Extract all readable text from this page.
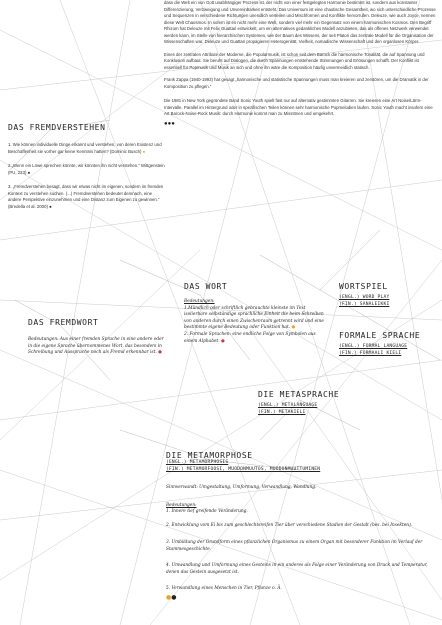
dass die Welt ein von Gott unabhängiger Prozess ist, der nicht von einer festgelegten Harmonie bestimmt ist, sondern aus konstanter Differenzierung, Verzweigung und Unvereinbarkeit entsteht. Das Universum ist eine chaotische Gesamtheit, wo sich unterschiedliche Prozesse und Sequenzen in verschiedene Richtungen unendlich verteilen und Mischformen und Konflikte hervorrufen. Deleuze, wie auch Joyce, nennen diese Welt Chaosmos. In sofern ist es nicht mehr eine Welt, sondern viel mehr ein Gegensatz von einem harmonischen Kosmos. Den Begriff Rhizom hat Deleuze mit Felix Guattari entwickelt, um ein alternatives gedankliches Modell anzubieten, das als offenes Netzwerk verwendet werden kann, im Stelle von hierarchischen Systemen, wie der Baum des Wissens, der seit Platon das zentrale Modell für die Organisation der Wissenschaften war. Deleuze und Guattari propagieren Heterogenität, Vielheit, nomadische Wissenschaft und den organlosen Körper.

Eines der zentralen Attribute der Moderne, die Popularmusik, ist schon seit dem Barock die harmonische Tonalität, die auf Spannung und Konklusion aufbaut. Sie beruht auf Dialogen, die durch Spannungen entstehende Stimmungen und Erlösungen schafft. Der Konflikt ist essentiell für Popmusik und Musik an sich und ohne ihn wäre die Komposition häufig unvermeidlich statisch.

Frank Zappa (1940-1993) hat gesagt „harmonische und statistische Spannungen muss man kreieren und zerstören, um die Dramatik in der Komposition zu pflegen.“

Die 1981 in New York gegründete Band Sonic Youth spielt fast nur auf alternativ gestimmten Gitarren. Sie kreieren eine Art Noise/Lärm-Intervalle. Parallel im Hintergrund oder in spezifischen Teilen können sehr harmonische Popmelodien laufen. Sonic Youth macht insofern eine Art Barock-Noise-Rock Musik: durch Harmonie kommt man zu Misstönen und umgekehrt.

●●●
DAS FREMDVERSTEHEN

1. Wie können individuelle Dinge erkannt und verstehen, von deren Existenz und Beschaffenheit sie vorher gar keine Kenntnis hatten? (Dominic Busch) ●

2.„Wenn ein Löwe sprechen könnte, wir könnten ihn nicht verstehen.“ Wittgenstein (PU, 223) ●

3. „Fremdverstehen besagt, dass wir etwas nicht im eigenen, sondern im fremden Kontext zu verstehen suchen. (...) Fremdverstehen bedeutet demnach, eine andere Perspektive einzunehmen und eine Distanz zum Eigenen zu gewinnen.“ (Bredella et al. 2000) ●

DAS FREMDWORT
Bedeutungen: Aus einer fremden Sprache in eine andere oder in die eigene Sprache übernommenes Wort, das besonders in Schreibung und Aussprache noch als Fremd erkennbar ist. ●
DAS WORT
Bedeutungen:
1.Mündlich oder schriftlich gebrauchte kleinste im Text isolierbare selbständige sprachliche Einheit die beim Schreiben von anderen durch einen Zwischenraum getrennt wird und eine bestimmte eigene Bedeutung oder Funktion hat. ●
2. Formale Sprachen: eine endliche Folge von Symbolen aus einem Alphabet. ●
WORTSPIEL
(ENGL.) WORD PLAY
(FIN.) SANALEIKKI
FORMALE SPRACHE
(ENGL.) FORMAL LANGUAGE
(FIN.) FORMAALI KIELI
DIE METASPRACHE
(ENGL.) METALANGUAGE
(FIN.) METAKIELI
DIE METAMORPHOSE
(ENGL.) METAMORPHOSIS
(FIN.) METAMORFOOSI, MUODONMUUTOS, MUODONMUUTTUMINEN

Sinnverwandt: Umgestaltung, Umformung, Verwandlung, Wandlung.

Bedeutungen:

1. Innere tief greifende Veränderung.

2. Entwicklung vom Ei bis zum geschlechtsreifen Tier über verschiedene Stadien der Gestalt (bes. bei Insekten).

3. Umbildung der Grundform eines pflanzlichen Organismus zu einem Organ mit besonderer Funktion im Verlauf der Stammesgeschichte.

4. Umwandlung und Umformung eines Gesteins in ein anderes als Folge einer Veränderung von Druck und Temperatur, denen das Gestein ausgesetzt ist.

5. Verwandlung eines Menschen in Tier, Pflanze o. Ä.

●●
